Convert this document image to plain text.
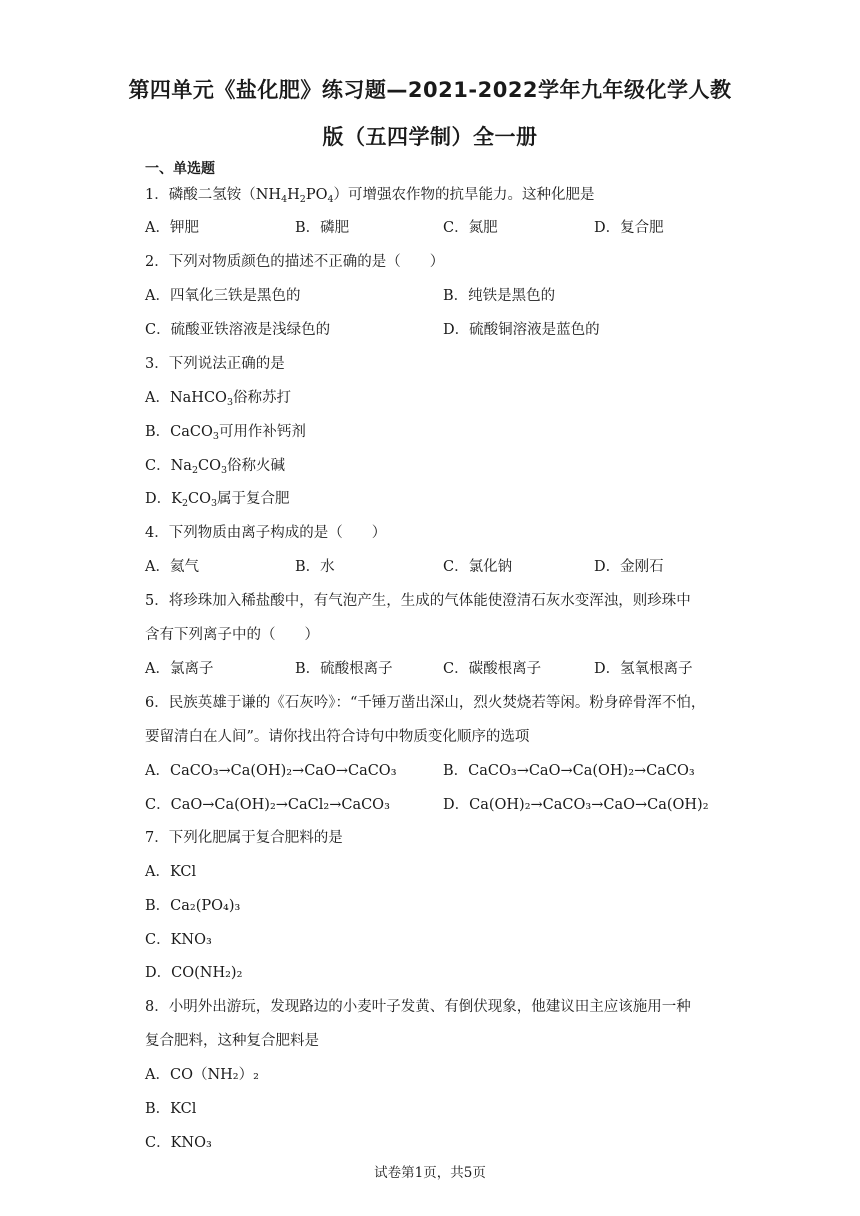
第四单元《盐化肥》练习题—2021-2022学年九年级化学人教
版（五四学制）全一册
一、单选题
1．磷酸二氢铵$(NH_4H_2PO_4)$可增强农作物的抗旱能力。这种化肥是
A．钾肥	B．磷肥	C．氮肥	D．复合肥
2．下列对物质颜色的描述不正确的是（　　）
A．四氧化三铁是黑色的	B．纯铁是黑色的
C．硫酸亚铁溶液是浅绿色的	D．硫酸铜溶液是蓝色的
3．下列说法正确的是
A．NaHCO$_3$俗称苏打
B．CaCO$_3$可用作补钙剂
C．$Na_2CO_3$俗称火碱
D．$K_2CO_3$属于复合肥
4．下列物质由离子构成的是（　　）
A．氦气	B．水	C．氯化钠	D．金刚石
5．将珍珠加入稀盐酸中，有气泡产生，生成的气体能使澄清石灰水变浑浊，则珍珠中
含有下列离子中的（　　）
A．氯离子	B．硫酸根离子	C．碳酸根离子	D．氢氧根离子
6．民族英雄于谦的《石灰吟》：“千锤万凿出深山，烈火焚烧若等闲。粉身碎骨浑不怕，
要留清白在人间”。请你找出符合诗句中物质变化顺序的选项
A．CaCO₃→Ca(OH)₂→CaO→CaCO₃	B．CaCO₃→CaO→Ca(OH)₂→CaCO₃
C．CaO→Ca(OH)₂→CaCl₂→CaCO₃	D．Ca(OH)₂→CaCO₃→CaO→Ca(OH)₂
7．下列化肥属于复合肥料的是
A．KCl
B．Ca₂(PO₄)₃
C．KNO₃
D．CO(NH₂)₂
8．小明外出游玩，发现路边的小麦叶子发黄、有倒伏现象，他建议田主应该施用一种
复合肥料，这种复合肥料是
A．CO（NH₂）₂
B．KCl
C．KNO₃
试卷第1页，共5页
